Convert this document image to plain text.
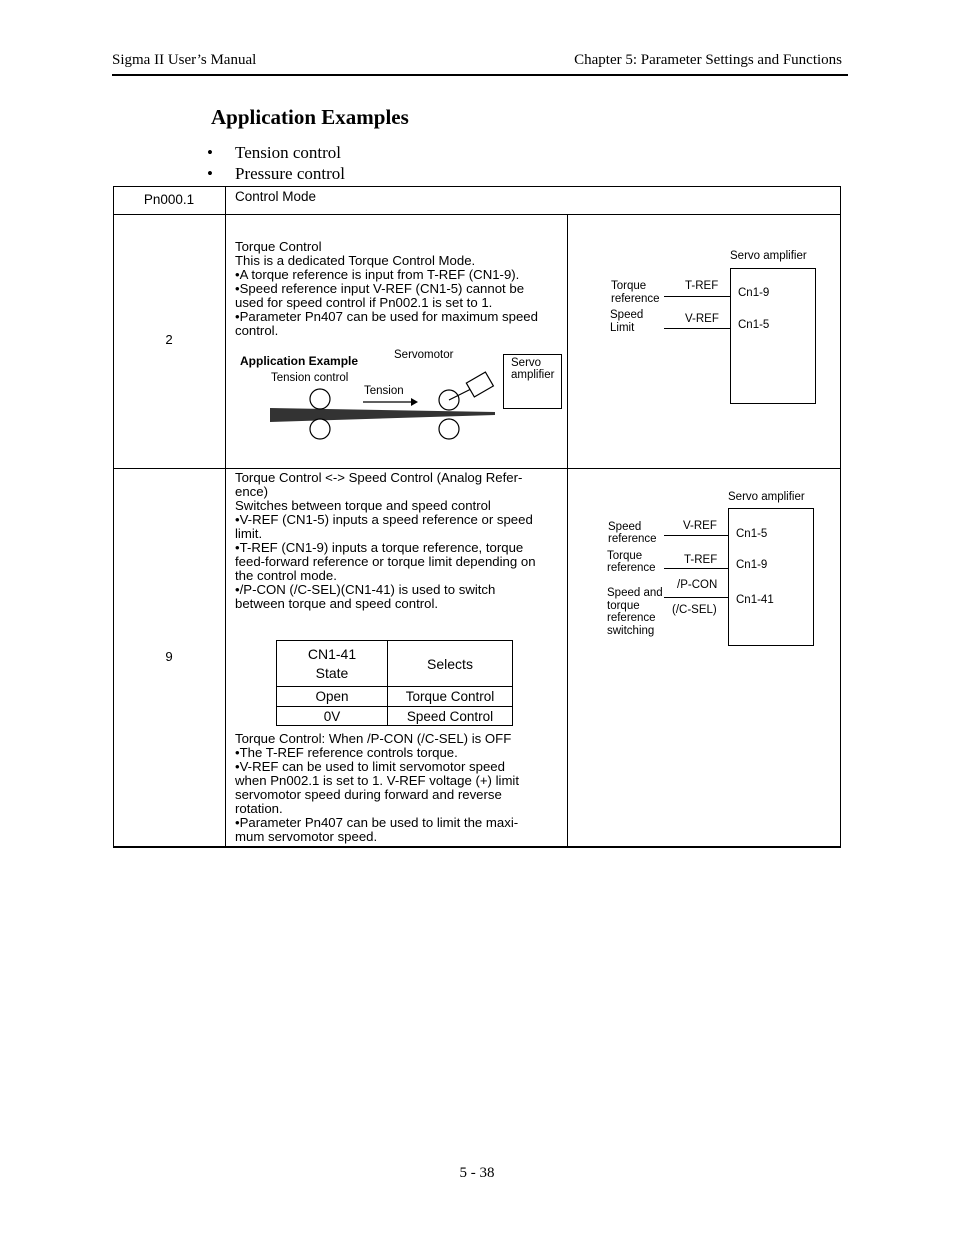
Sigma II User’s Manual	Chapter 5: Parameter Settings and Functions
Application Examples
• Tension control
• Pressure control
Pn000.1	Control Mode
2
Torque Control
This is a dedicated Torque Control Mode.
•A torque reference is input from T-REF (CN1-9).
•Speed reference input V-REF (CN1-5) cannot be
used for speed control if Pn002.1 is set to 1.
•Parameter Pn407 can be used for maximum speed
control.
Application Example	Servomotor
Tension control
Tension
Servo
amplifier
Servo amplifier
Torque
reference
T-REF
Cn1-9
Speed
Limit
V-REF Cn1-5
9
Torque Control <-> Speed Control (Analog Refer-
ence)
Switches between torque and speed control
•V-REF (CN1-5) inputs a speed reference or speed
limit.
•T-REF (CN1-9) inputs a torque reference, torque
feed-forward reference or torque limit depending on
the control mode.
•/P-CON (/C-SEL)(CN1-41) is used to switch
between torque and speed control.
CN1-41
State	Selects
Open	Torque Control
0V	Speed Control
Torque Control: When /P-CON (/C-SEL) is OFF
•The T-REF reference controls torque.
•V-REF can be used to limit servomotor speed
when Pn002.1 is set to 1. V-REF voltage (+) limit
servomotor speed during forward and reverse
rotation.
•Parameter Pn407 can be used to limit the maxi-
mum servomotor speed.
Servo amplifier
Speed
reference
V-REF
Cn1-5
Torque
reference
T-REF Cn1-9
Speed and
torque
reference
switching
/P-CON
(/C-SEL)
Cn1-41
5 - 38
